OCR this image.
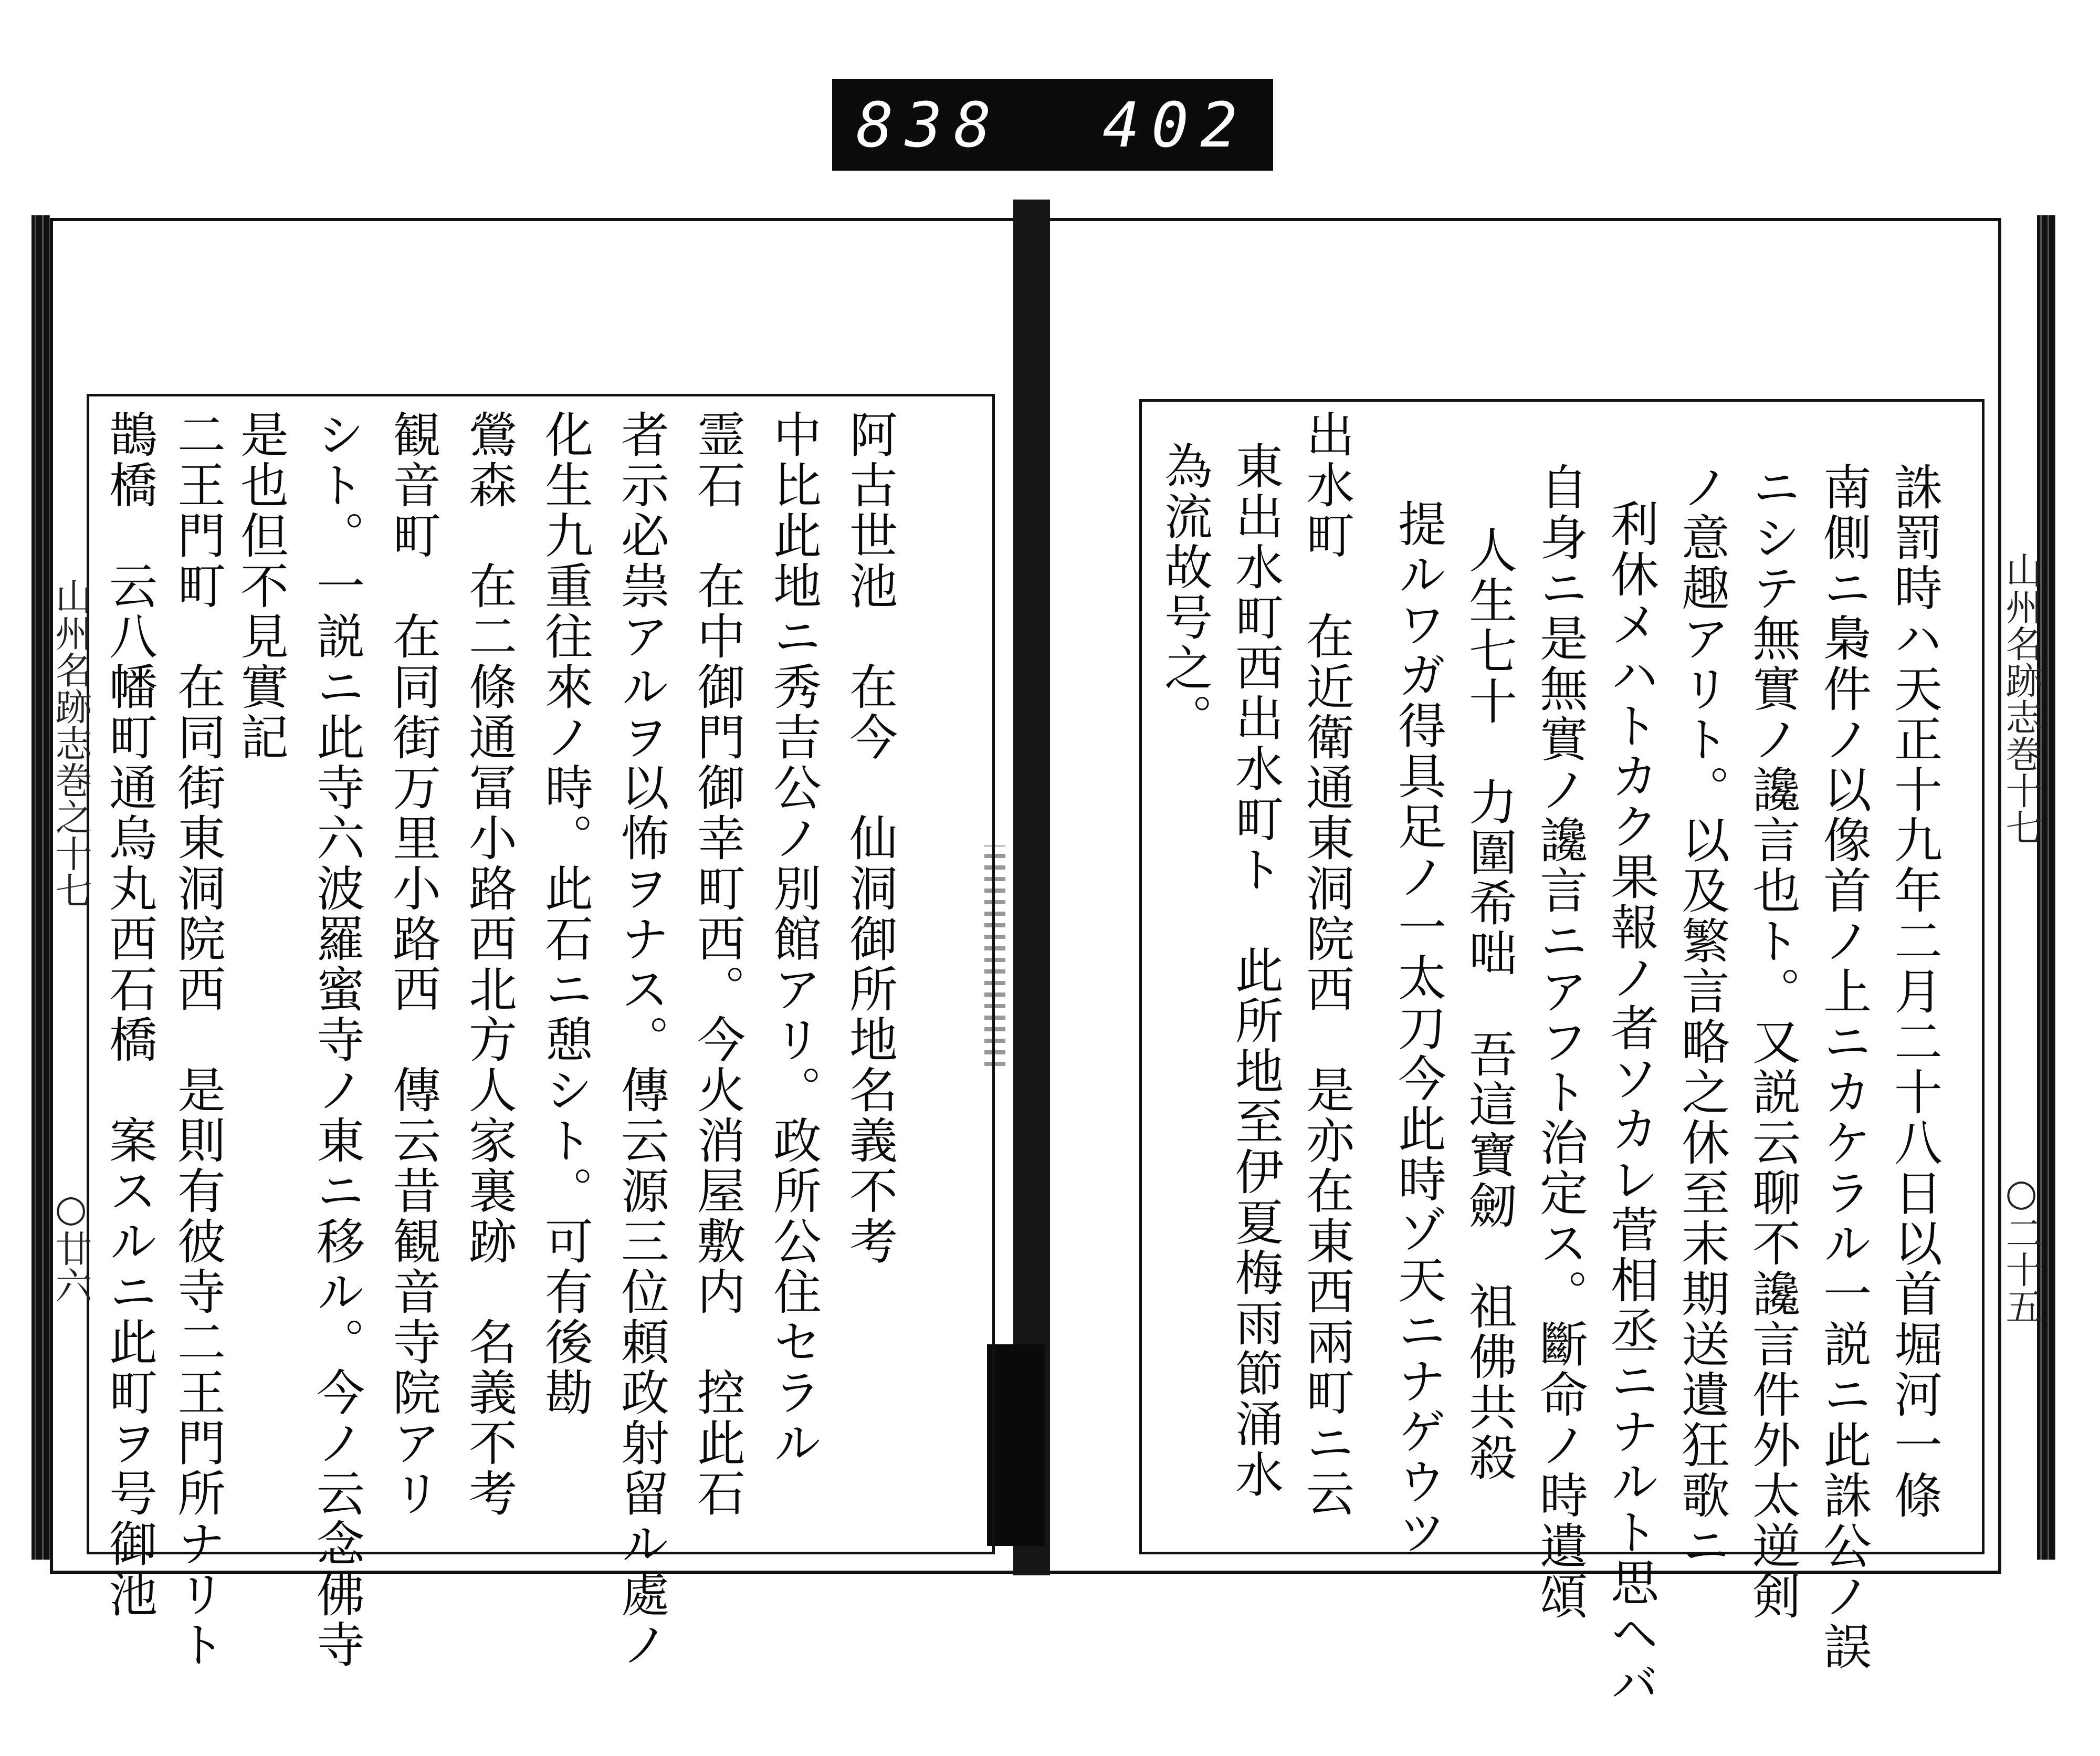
838 402
山州名跡志巻之十七
○廿六	阿古世池　在今　仙洞御所地名義不考
中比此地ニ秀吉公ノ別館アリ。政所公住セラル
霊石　在中御門御幸町西。今火消屋敷内　控此石
者示必祟アルヲ以怖ヲナス。傳云源三位頼政射留ル處ノ
化生九重往來ノ時。此石ニ憩シト。可有後勘
鶯森　在二條通冨小路西北方人家裏跡　名義不考
観音町　在同街万里小路西　傳云昔観音寺院アリ
シト。一説ニ此寺六波羅蜜寺ノ東ニ移ル。今ノ云念佛寺
是也但不見實記
二王門町　在同街東洞院西　是則有彼寺二王門所ナリト
鵲橋　云八幡町通烏丸西石橋　案スルニ此町ヲ号御池	山州名跡志巻十七
○二十五
誅罰時ハ天正十九年二月二十八日以首堀河一條
南側ニ梟件ノ以像首ノ上ニカケラル一説ニ此誅公ノ誤
ニシテ無實ノ讒言也ト。又説云聊不讒言件外太逆剣
ノ意趣アリト。以及繁言略之休至末期送遺狂歌ニ
利休メハトカク果報ノ者ソカレ菅相丞ニナルト思ヘバ
自身ニ是無實ノ讒言ニアフト治定ス。斷命ノ時遺頌
人生七十　力圍希咄　吾這寶劒　祖佛共殺
提ルワガ得具足ノ一太刀今此時ゾ天ニナゲウツ
出水町　在近衛通東洞院西　是亦在東西兩町ニ云
東出水町西出水町ト　此所地至伊夏梅雨節涌水
為流故号之。
